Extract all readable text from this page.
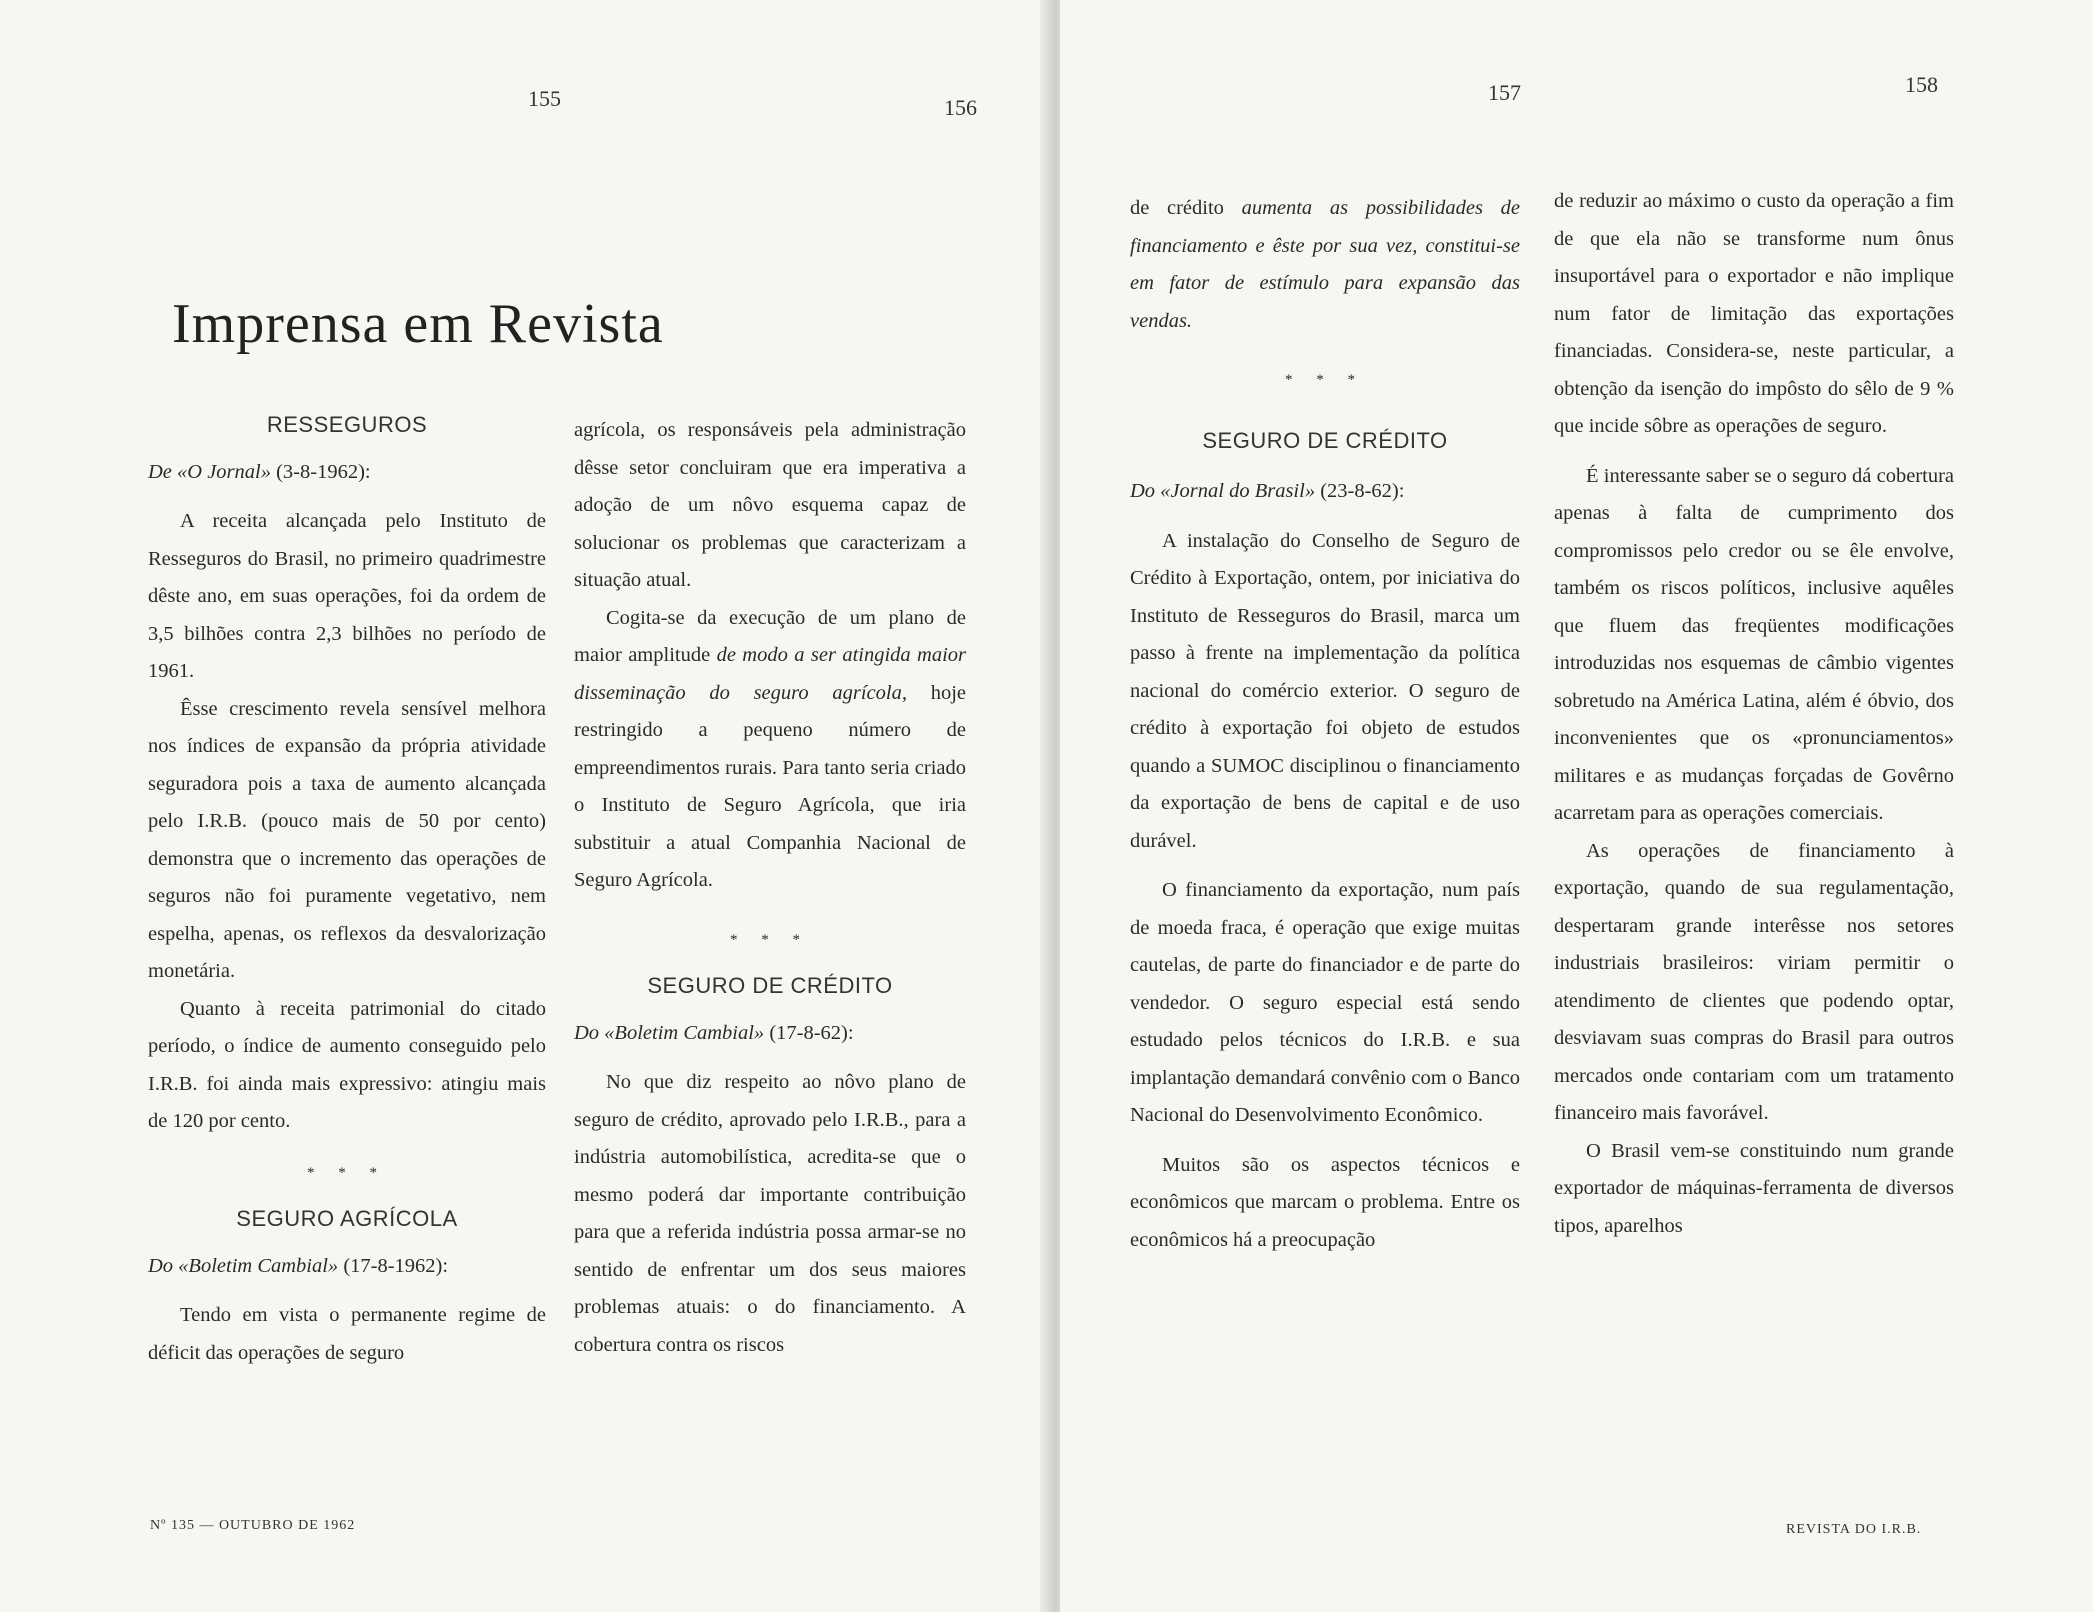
155	156
Imprensa em Revista
RESSEGUROS

De «O Jornal» (3-8-1962):

A receita alcançada pelo Instituto de Resseguros do Brasil, no primeiro quadrimestre dêste ano, em suas operações, foi da ordem de 3,5 bilhões contra 2,3 bilhões no período de 1961.

Êsse crescimento revela sensível melhora nos índices de expansão da própria atividade seguradora pois a taxa de aumento alcançada pelo I.R.B. (pouco mais de 50 por cento) demonstra que o incremento das operações de seguros não foi puramente vegetativo, nem espelha, apenas, os reflexos da desvalorização monetária.

Quanto à receita patrimonial do citado período, o índice de aumento conseguido pelo I.R.B. foi ainda mais expressivo: atingiu mais de 120 por cento.

* * *
SEGURO AGRÍCOLA

Do «Boletim Cambial» (17-8-1962):

Tendo em vista o permanente regime de déficit das operações de seguro

agrícola, os responsáveis pela administração dêsse setor concluiram que era imperativa a adoção de um nôvo esquema capaz de solucionar os problemas que caracterizam a situação atual.

Cogita-se da execução de um plano de maior amplitude de modo a ser atingida maior disseminação do seguro agrícola, hoje restringido a pequeno número de empreendimentos rurais. Para tanto seria criado o Instituto de Seguro Agrícola, que iria substituir a atual Companhia Nacional de Seguro Agrícola.

* * *
SEGURO DE CRÉDITO

Do «Boletim Cambial» (17-8-62):

No que diz respeito ao nôvo plano de seguro de crédito, aprovado pelo I.R.B., para a indústria automobilística, acredita-se que o mesmo poderá dar importante contribuição para que a referida indústria possa armar-se no sentido de enfrentar um dos seus maiores problemas atuais: o do financiamento. A cobertura contra os riscos

Nº 135 — OUTUBRO DE 1962
157	158

de crédito aumenta as possibilidades de financiamento e êste por sua vez, constitui-se em fator de estímulo para expansão das vendas.

* * *
SEGURO DE CRÉDITO

Do «Jornal do Brasil» (23-8-62):

A instalação do Conselho de Seguro de Crédito à Exportação, ontem, por iniciativa do Instituto de Resseguros do Brasil, marca um passo à frente na implementação da política nacional do comércio exterior. O seguro de crédito à exportação foi objeto de estudos quando a SUMOC disciplinou o financiamento da exportação de bens de capital e de uso durável.

O financiamento da exportação, num país de moeda fraca, é operação que exige muitas cautelas, de parte do financiador e de parte do vendedor. O seguro especial está sendo estudado pelos técnicos do I.R.B. e sua implantação demandará convênio com o Banco Nacional do Desenvolvimento Econômico.

Muitos são os aspectos técnicos e econômicos que marcam o problema. Entre os econômicos há a preocupação

de reduzir ao máximo o custo da operação a fim de que ela não se transforme num ônus insuportável para o exportador e não implique num fator de limitação das exportações financiadas. Considera-se, neste particular, a obtenção da isenção do impôsto do sêlo de 9 % que incide sôbre as operações de seguro.

É interessante saber se o seguro dá cobertura apenas à falta de cumprimento dos compromissos pelo credor ou se êle envolve, também os riscos políticos, inclusive aquêles que fluem das freqüentes modificações introduzidas nos esquemas de câmbio vigentes sobretudo na América Latina, além é óbvio, dos inconvenientes que os «pronunciamentos» militares e as mudanças forçadas de Govêrno acarretam para as operações comerciais.

As operações de financiamento à exportação, quando de sua regulamentação, despertaram grande interêsse nos setores industriais brasileiros: viriam permitir o atendimento de clientes que podendo optar, desviavam suas compras do Brasil para outros mercados onde contariam com um tratamento financeiro mais favorável.

O Brasil vem-se constituindo num grande exportador de máquinas-ferramenta de diversos tipos, aparelhos

REVISTA DO I.R.B.
